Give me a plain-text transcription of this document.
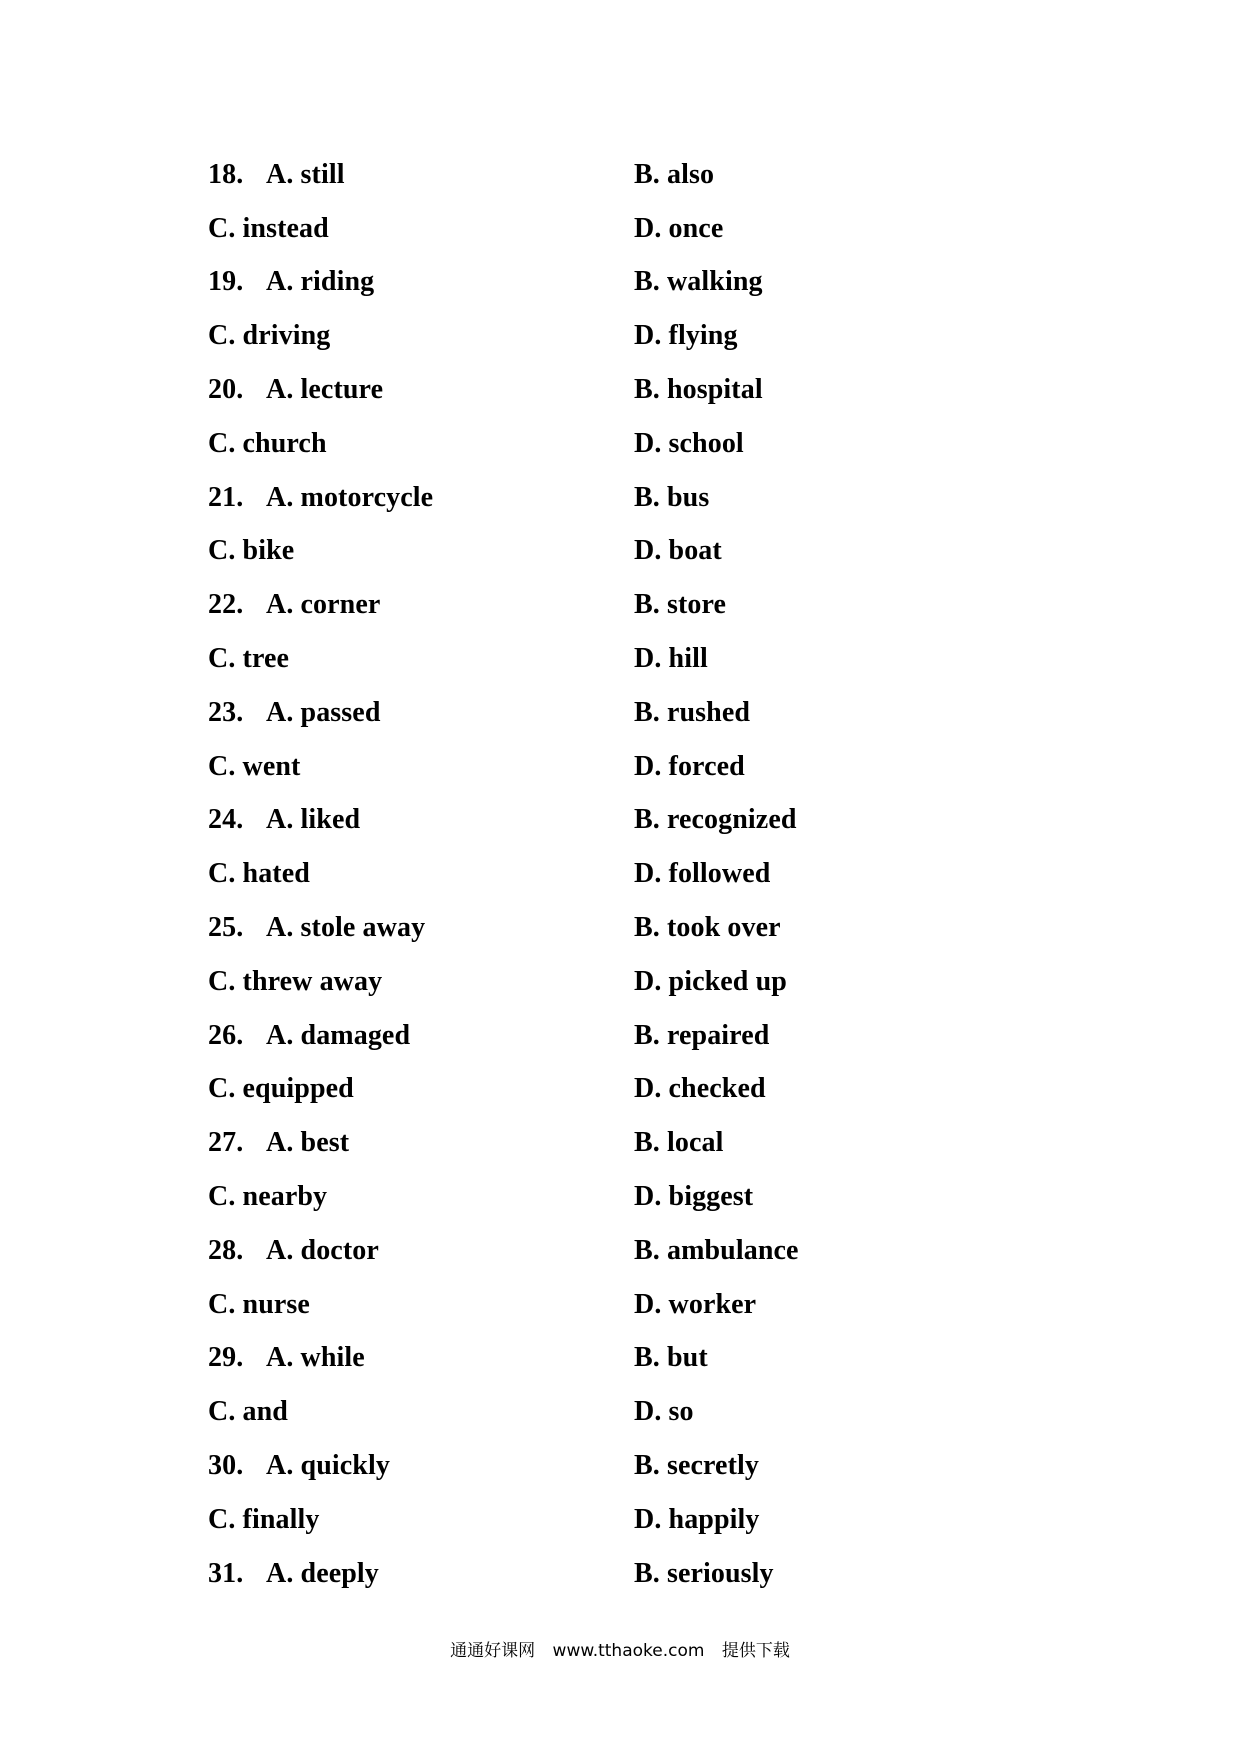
18. A. still	B. also
C. instead	D. once
19. A. riding	B. walking
C. driving	D. flying
20. A. lecture	B. hospital
C. church	D. school
21. A. motorcycle	B. bus
C. bike	D. boat
22. A. corner	B. store
C. tree	D. hill
23. A. passed	B. rushed
C. went	D. forced
24. A. liked	B. recognized
C. hated	D. followed
25. A. stole away	B. took over
C. threw away	D. picked up
26. A. damaged	B. repaired
C. equipped	D. checked
27. A. best	B. local
C. nearby	D. biggest
28. A. doctor	B. ambulance
C. nurse	D. worker
29. A. while	B. but
C. and	D. so
30. A. quickly	B. secretly
C. finally	D. happily
31. A. deeply	B. seriously
通通好课网 www.tthaoke.com 提供下载
